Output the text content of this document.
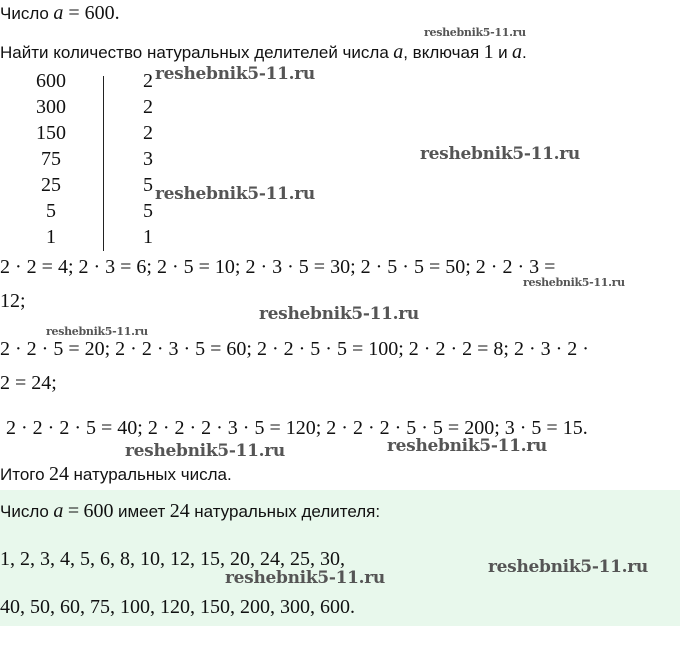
Число a = 600.
Найти количество натуральных делителей числа a, включая 1 и a.
600
300
150
75
25
5
1
2
2
2
3
5
5
1
2 · 2 = 4; 2 · 3 = 6; 2 · 5 = 10; 2 · 3 · 5 = 30; 2 · 5 · 5 = 50; 2 · 2 · 3 =
12;
2 · 2 · 5 = 20; 2 · 2 · 3 · 5 = 60; 2 · 2 · 5 · 5 = 100; 2 · 2 · 2 = 8; 2 · 3 · 2 ·
2 = 24;
2 · 2 · 2 · 5 = 40; 2 · 2 · 2 · 3 · 5 = 120; 2 · 2 · 2 · 5 · 5 = 200; 3 · 5 = 15.
Итого 24 натуральных числа.
Число a = 600 имеет 24 натуральных делителя:
1, 2, 3, 4, 5, 6, 8, 10, 12, 15, 20, 24, 25, 30,
40, 50, 60, 75, 100, 120, 150, 200, 300, 600.
reshebnik5-11.ru
reshebnik5-11.ru
reshebnik5-11.ru
reshebnik5-11.ru
reshebnik5-11.ru
reshebnik5-11.ru
reshebnik5-11.ru
reshebnik5-11.ru	reshebnik5-11.ru
reshebnik5-11.ru
reshebnik5-11.ru
